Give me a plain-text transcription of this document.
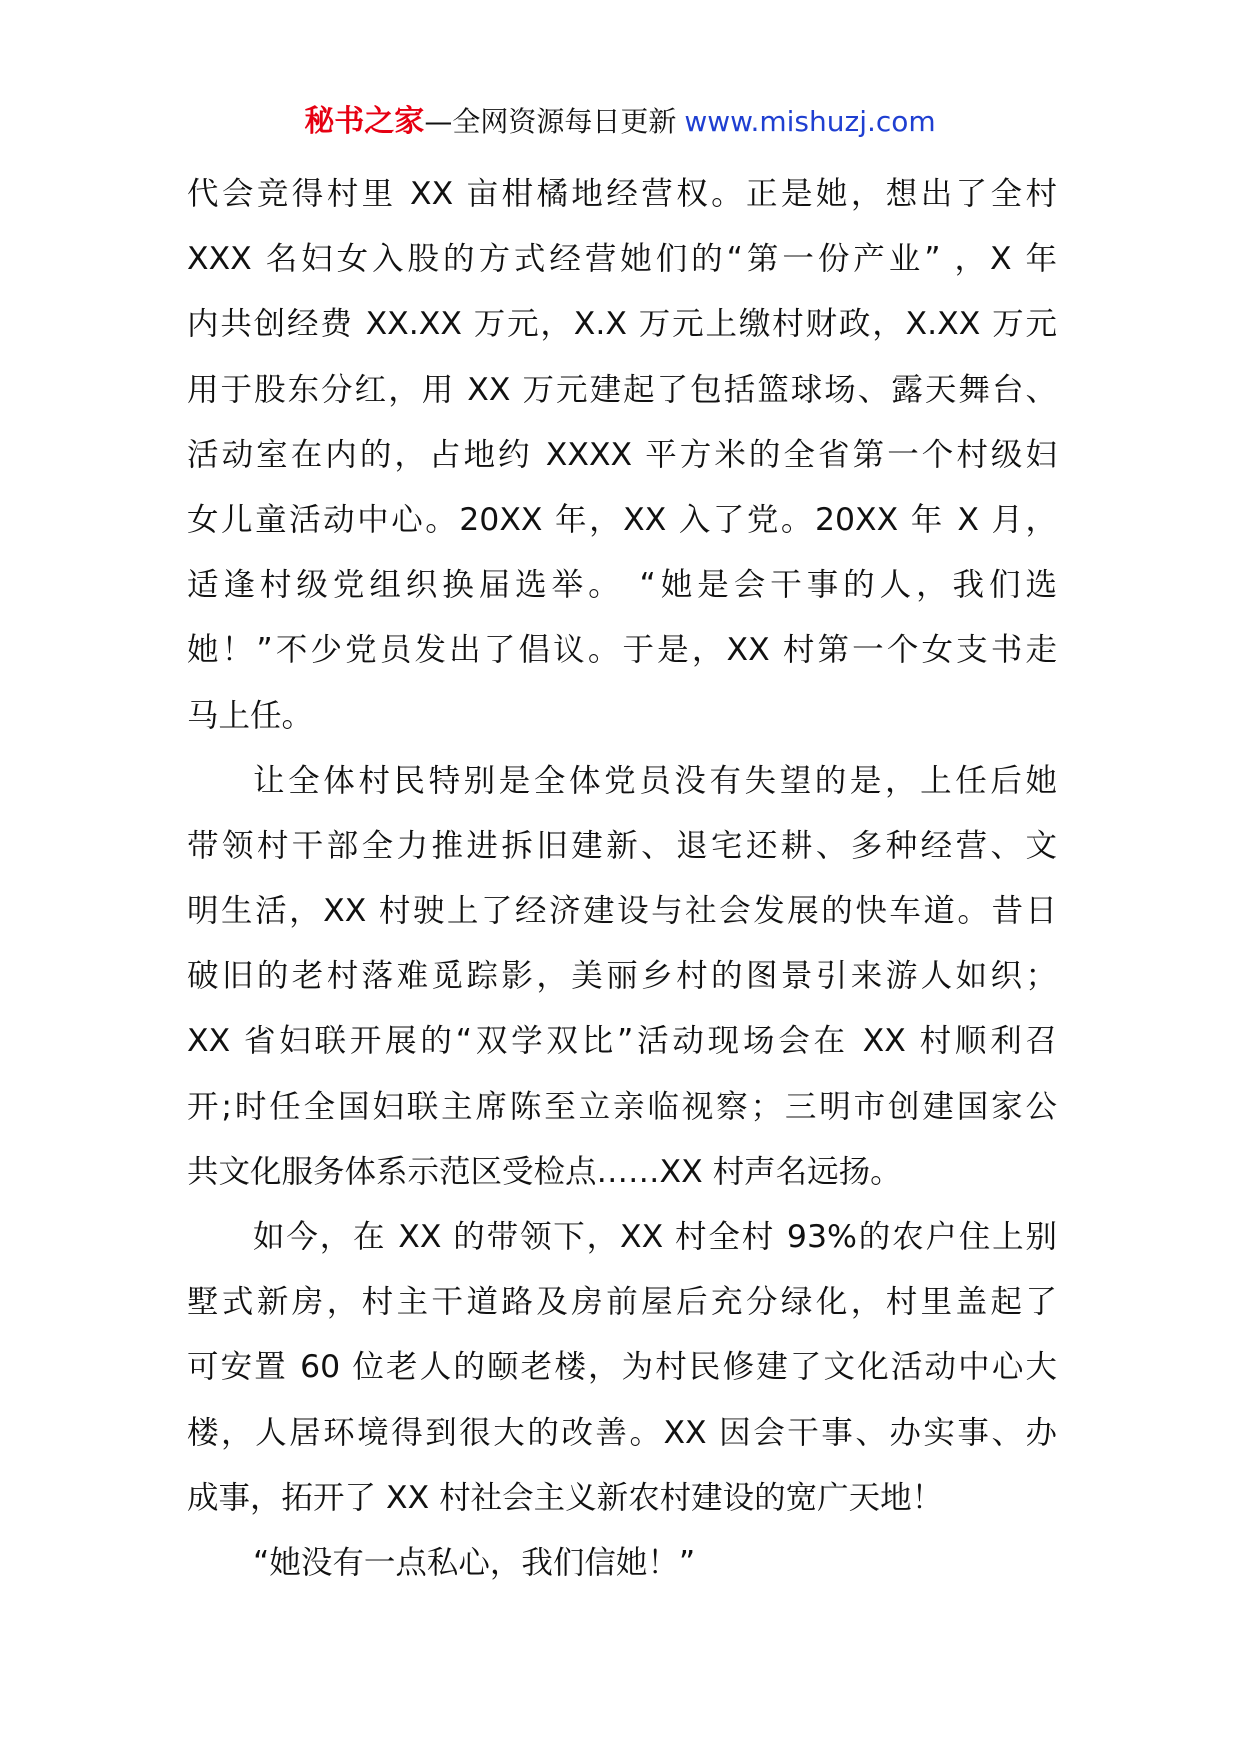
秘书之家—全网资源每日更新 www.mishuzj.com
代会竞得村里 XX 亩柑橘地经营权。正是她，想出了全村
XXX 名妇女入股的方式经营她们的“第一份产业” ，X 年
内共创经费 XX.XX 万元，X.X 万元上缴村财政，X.XX 万元
用于股东分红，用 XX 万元建起了包括篮球场、露天舞台、
活动室在内的，占地约 XXXX 平方米的全省第一个村级妇
女儿童活动中心。20XX 年，XX 入了党。20XX 年 X 月，
适逢村级党组织换届选举。 “她是会干事的人，我们选
她！”不少党员发出了倡议。于是，XX 村第一个女支书走
马上任。
让全体村民特别是全体党员没有失望的是，上任后她
带领村干部全力推进拆旧建新、退宅还耕、多种经营、文
明生活，XX 村驶上了经济建设与社会发展的快车道。昔日
破旧的老村落难觅踪影，美丽乡村的图景引来游人如织；
XX 省妇联开展的“双学双比”活动现场会在 XX 村顺利召
开;时任全国妇联主席陈至立亲临视察；三明市创建国家公
共文化服务体系示范区受检点……XX 村声名远扬。
如今，在 XX 的带领下，XX 村全村 93%的农户住上别
墅式新房，村主干道路及房前屋后充分绿化，村里盖起了
可安置 60 位老人的颐老楼，为村民修建了文化活动中心大
楼，人居环境得到很大的改善。XX 因会干事、办实事、办
成事，拓开了 XX 村社会主义新农村建设的宽广天地！
“她没有一点私心，我们信她！”
